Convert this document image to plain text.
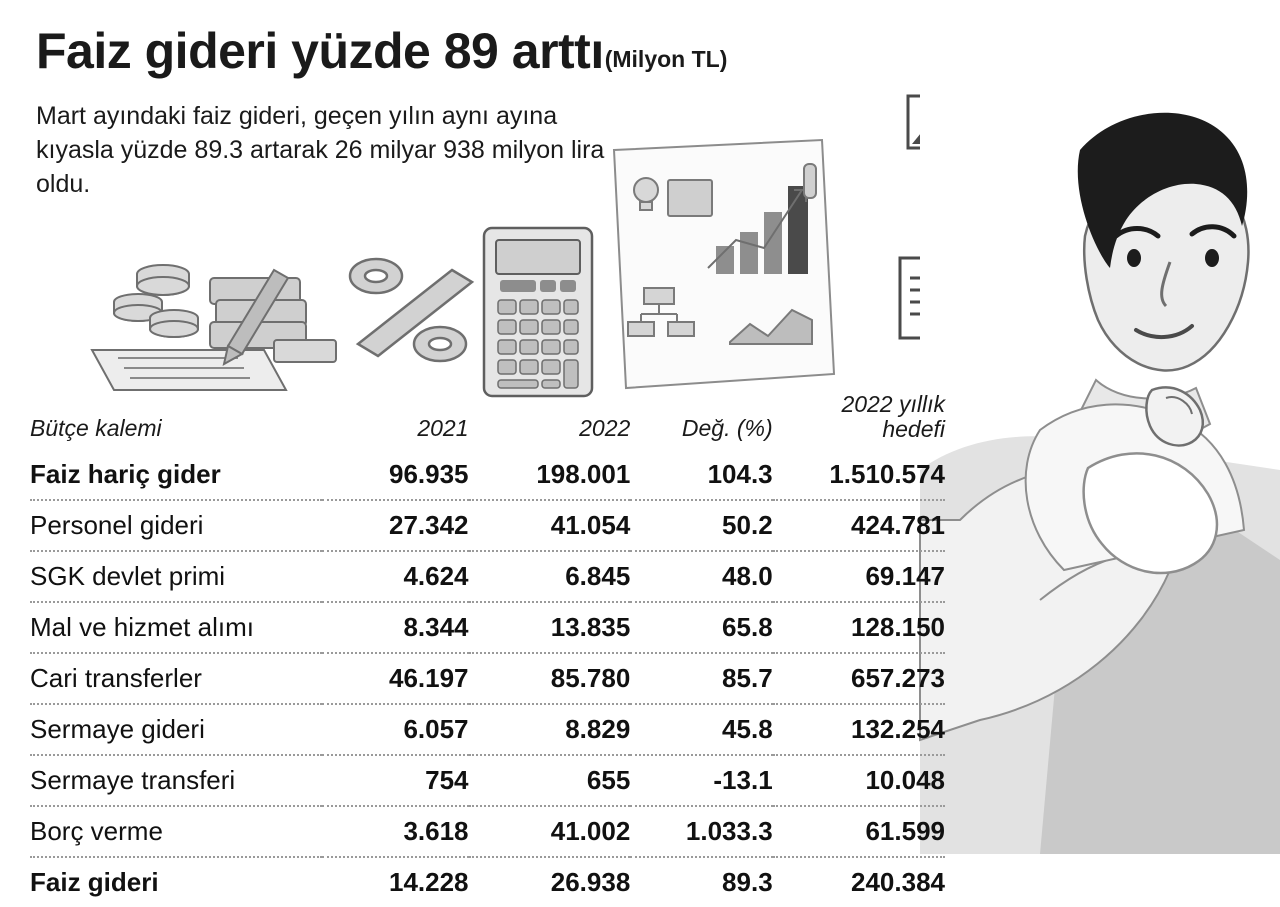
Faiz gideri yüzde 89 arttı (Milyon TL)
Mart ayındaki faiz gideri, geçen yılın aynı ayına kıyasla yüzde 89.3 artarak 26 milyar 938 milyon lira oldu.
Bütçe kalemi	2021	2022	Değ. (%)	2022 yıllık
hedefi

Faiz hariç gider	96.935	198.001	104.3	1.510.574
Personel gideri	27.342	41.054	50.2	424.781
SGK devlet primi	4.624	6.845	48.0	69.147
Mal ve hizmet alımı	8.344	13.835	65.8	128.150
Cari transferler	46.197	85.780	85.7	657.273
Sermaye gideri	6.057	8.829	45.8	132.254
Sermaye transferi	754	655	-13.1	10.048
Borç verme	3.618	41.002	1.033.3	61.599
Faiz gideri	14.228	26.938	89.3	240.384
